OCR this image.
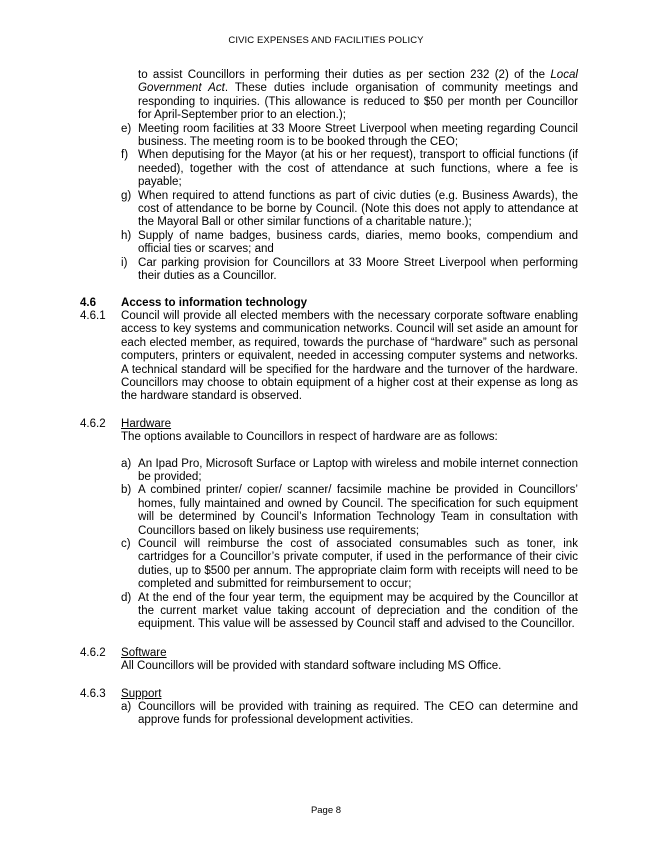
CIVIC EXPENSES AND FACILITIES POLICY
to assist Councillors in performing their duties as per section 232 (2) of the Local Government Act. These duties include organisation of community meetings and responding to inquiries. (This allowance is reduced to $50 per month per Councillor for April-September prior to an election.);
e) Meeting room facilities at 33 Moore Street Liverpool when meeting regarding Council business. The meeting room is to be booked through the CEO;
f) When deputising for the Mayor (at his or her request), transport to official functions (if needed), together with the cost of attendance at such functions, where a fee is payable;
g) When required to attend functions as part of civic duties (e.g. Business Awards), the cost of attendance to be borne by Council. (Note this does not apply to attendance at the Mayoral Ball or other similar functions of a charitable nature.);
h) Supply of name badges, business cards, diaries, memo books, compendium and official ties or scarves; and
i) Car parking provision for Councillors at 33 Moore Street Liverpool when performing their duties as a Councillor.
4.6 Access to information technology
4.6.1 Council will provide all elected members with the necessary corporate software enabling access to key systems and communication networks. Council will set aside an amount for each elected member, as required, towards the purchase of “hardware” such as personal computers, printers or equivalent, needed in accessing computer systems and networks. A technical standard will be specified for the hardware and the turnover of the hardware. Councillors may choose to obtain equipment of a higher cost at their expense as long as the hardware standard is observed.
4.6.2 Hardware
The options available to Councillors in respect of hardware are as follows:
a) An Ipad Pro, Microsoft Surface or Laptop with wireless and mobile internet connection be provided;
b) A combined printer/ copier/ scanner/ facsimile machine be provided in Councillors’ homes, fully maintained and owned by Council. The specification for such equipment will be determined by Council’s Information Technology Team in consultation with Councillors based on likely business use requirements;
c) Council will reimburse the cost of associated consumables such as toner, ink cartridges for a Councillor’s private computer, if used in the performance of their civic duties, up to $500 per annum. The appropriate claim form with receipts will need to be completed and submitted for reimbursement to occur;
d) At the end of the four year term, the equipment may be acquired by the Councillor at the current market value taking account of depreciation and the condition of the equipment. This value will be assessed by Council staff and advised to the Councillor.
4.6.2 Software
All Councillors will be provided with standard software including MS Office.
4.6.3 Support
a) Councillors will be provided with training as required. The CEO can determine and approve funds for professional development activities.
Page 8
